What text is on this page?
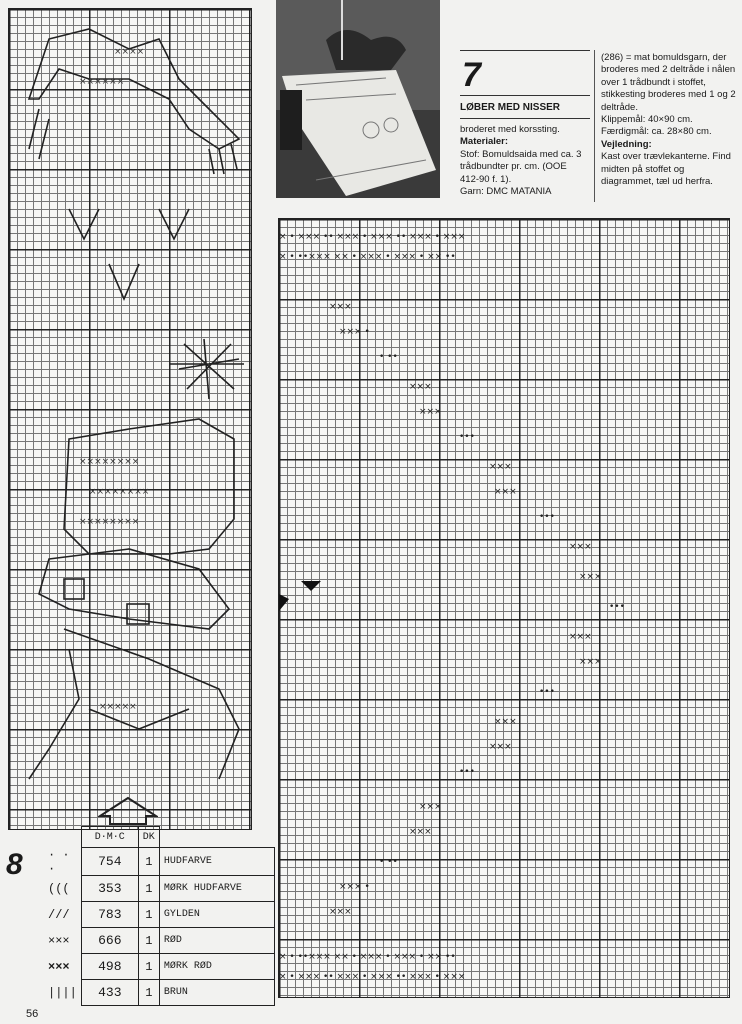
××××××
××××
××××××××
××××××××
××××××××
×××××
7
LØBER MED NISSER
broderet med korssting.
Materialer:
Stof: Bomuldsaida med ca. 3 trådbundter pr. cm. (OOE 412-90 f. 1).
Garn: DMC MATANIA
(286) = mat bomuldsgarn, der broderes med 2 deltråde i nålen over 1 trådbundt i stoffet, stikkesting broderes med 1 og 2 deltråde.
Klippemål: 40×90 cm.
Færdigmål: ca. 28×80 cm.
Vejledning:
Kast over trævlekanterne. Find midten på stoffet og diagrammet, tæl ud herfra.
× • ××× •• ××× • ××× •• ××× • ×××
× • ••××× ×× • ××× • ××× • ×× ••
×××
××× •
• ••
×××
×××
•••
×××
×××
•••
×××
×××
•••
×××
×××
•••
×××
×××
•••
×××
×××
• ••
××× •
×××
× • ••××× ×× • ××× • ××× • ×× ••
× • ××× •• ××× • ××× •• ××× • ×××
8
	D·M·C	DK	
· · ·	754	1	HUDFARVE
(((	353	1	MØRK HUDFARVE
///	783	1	GYLDEN
×××	666	1	RØD
×××	498	1	MØRK RØD
||||	433	1	BRUN
56
